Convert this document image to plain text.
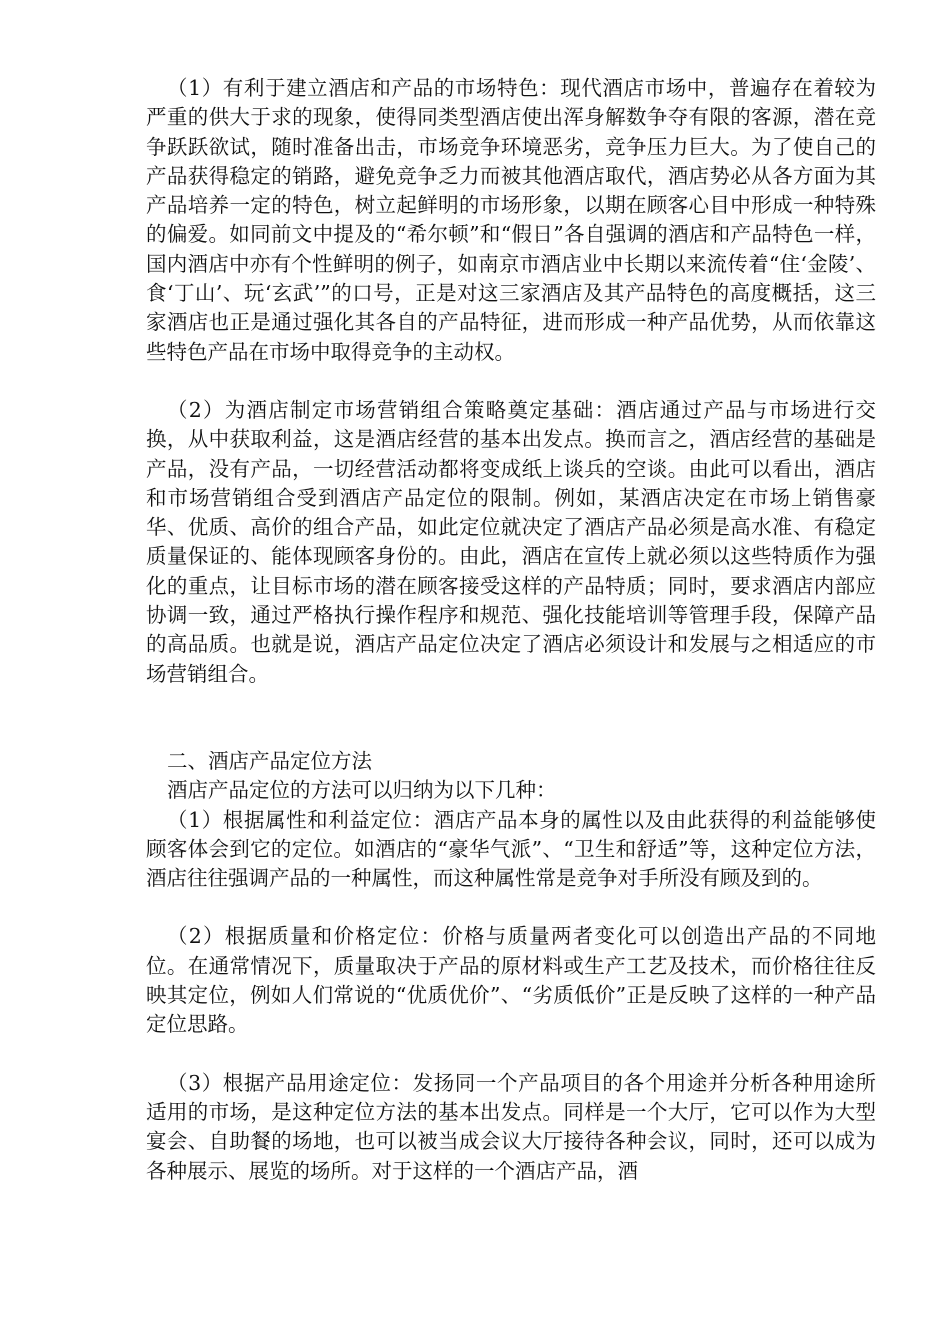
（1）有利于建立酒店和产品的市场特色：现代酒店市场中，普遍存在着较为严重的供大于求的现象，使得同类型酒店使出浑身解数争夺有限的客源，潜在竞争跃跃欲试，随时准备出击，市场竞争环境恶劣，竞争压力巨大。为了使自己的产品获得稳定的销路，避免竞争乏力而被其他酒店取代，酒店势必从各方面为其产品培养一定的特色，树立起鲜明的市场形象，以期在顾客心目中形成一种特殊的偏爱。如同前文中提及的“希尔顿”和“假日”各自强调的酒店和产品特色一样，国内酒店中亦有个性鲜明的例子，如南京市酒店业中长期以来流传着“住‘金陵’、食‘丁山’、玩‘玄武’”的口号，正是对这三家酒店及其产品特色的高度概括，这三家酒店也正是通过强化其各自的产品特征，进而形成一种产品优势，从而依靠这些特色产品在市场中取得竞争的主动权。

（2）为酒店制定市场营销组合策略奠定基础：酒店通过产品与市场进行交换，从中获取利益，这是酒店经营的基本出发点。换而言之，酒店经营的基础是产品，没有产品，一切经营活动都将变成纸上谈兵的空谈。由此可以看出，酒店和市场营销组合受到酒店产品定位的限制。例如，某酒店决定在市场上销售豪华、优质、高价的组合产品，如此定位就决定了酒店产品必须是高水准、有稳定质量保证的、能体现顾客身份的。由此，酒店在宣传上就必须以这些特质作为强化的重点，让目标市场的潜在顾客接受这样的产品特质；同时，要求酒店内部应协调一致，通过严格执行操作程序和规范、强化技能培训等管理手段，保障产品的高品质。也就是说，酒店产品定位决定了酒店必须设计和发展与之相适应的市场营销组合。

二、酒店产品定位方法

酒店产品定位的方法可以归纳为以下几种：

（1）根据属性和利益定位：酒店产品本身的属性以及由此获得的利益能够使顾客体会到它的定位。如酒店的“豪华气派”、“卫生和舒适”等，这种定位方法，酒店往往强调产品的一种属性，而这种属性常是竞争对手所没有顾及到的。

（2）根据质量和价格定位：价格与质量两者变化可以创造出产品的不同地位。在通常情况下，质量取决于产品的原材料或生产工艺及技术，而价格往往反映其定位，例如人们常说的“优质优价”、“劣质低价”正是反映了这样的一种产品定位思路。

（3）根据产品用途定位：发扬同一个产品项目的各个用途并分析各种用途所适用的市场，是这种定位方法的基本出发点。同样是一个大厅，它可以作为大型宴会、自助餐的场地，也可以被当成会议大厅接待各种会议，同时，还可以成为各种展示、展览的场所。对于这样的一个酒店产品，酒
